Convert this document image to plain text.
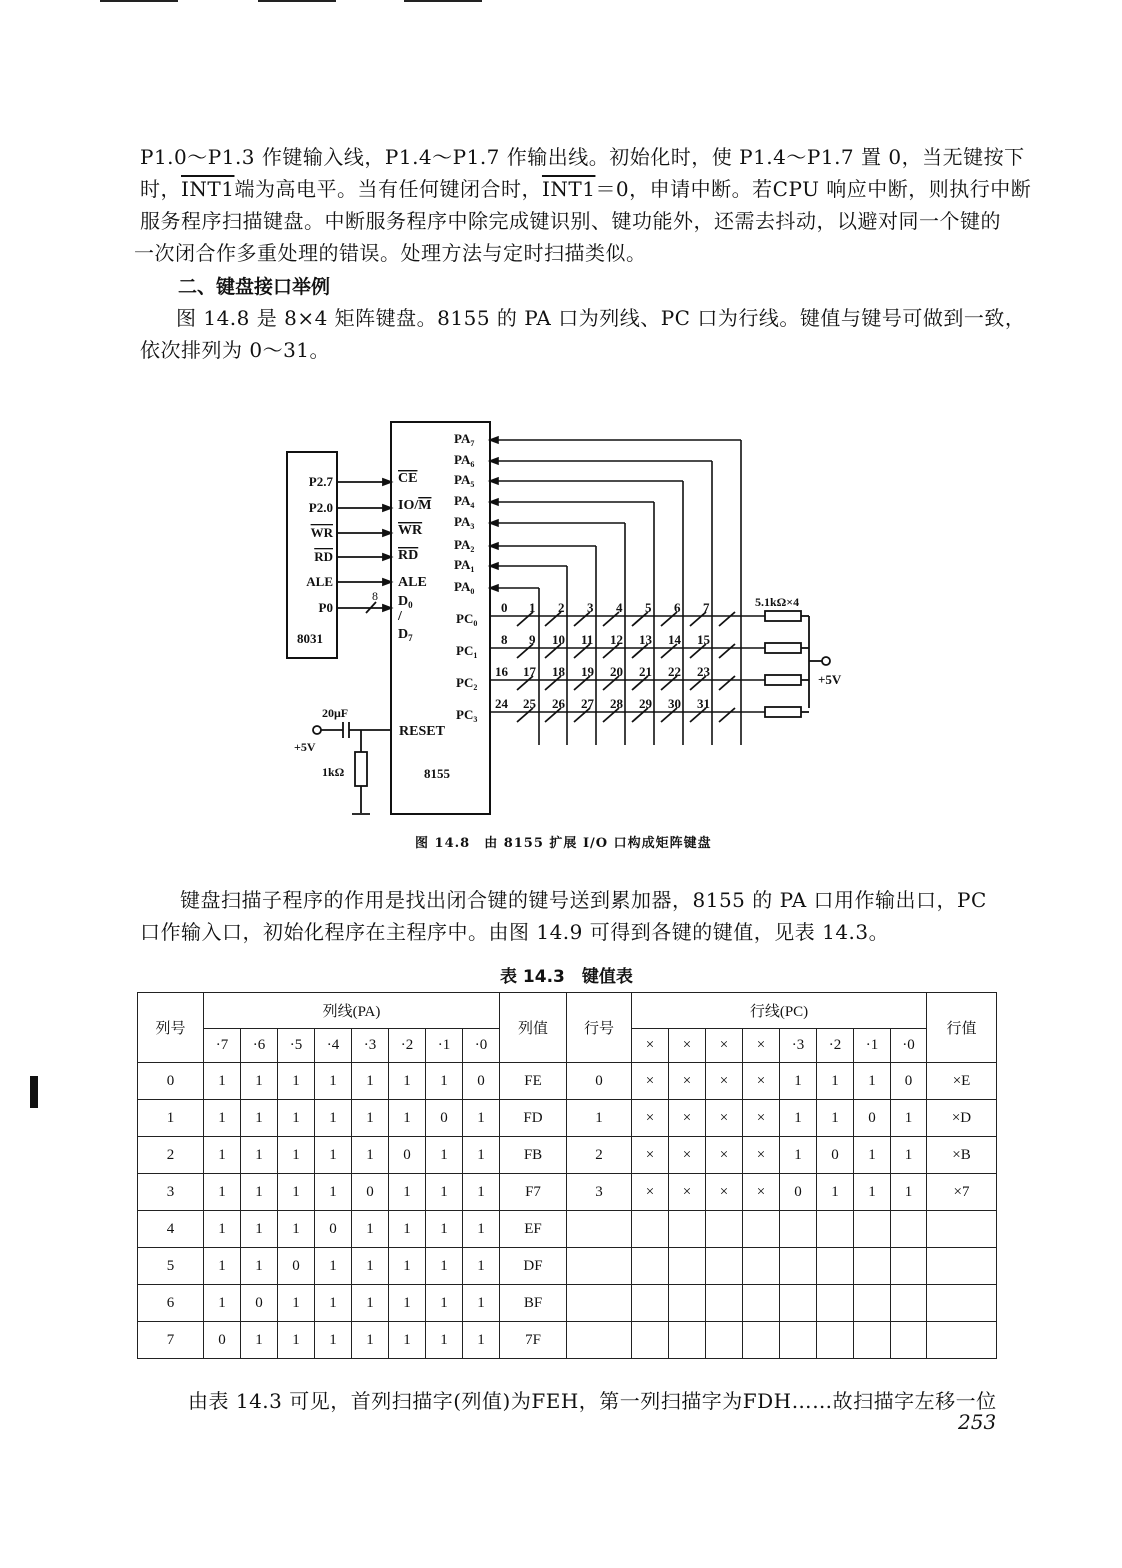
P1.0～P1.3 作键输入线，P1.4～P1.7 作输出线。初始化时，使 P1.4～P1.7 置 0，当无键按下
时，INT1端为高电平。当有任何键闭合时，INT1＝0，申请中断。若CPU 响应中断，则执行中断
服务程序扫描键盘。中断服务程序中除完成键识别、键功能外，还需去抖动，以避对同一个键的
一次闭合作多重处理的错误。处理方法与定时扫描类似。
二、键盘接口举例
图 14.8 是 8×4 矩阵键盘。8155 的 PA 口为列线、PC 口为行线。键值与键号可做到一致，
依次排列为 0～31。
8031
8155
P2.7
P2.0
WR
RD
ALE
P0
8
CE
IO/M
WR
RD
ALE
$D_0$
/
$D_7$
RESET
$PA_7$
$PA_6$
$PA_5$
$PA_4$
$PA_3$
$PA_2$
$PA_1$
$PA_0$
$PC_0$
$PC_1$
$PC_2$
$PC_3$
5.1kΩ×4
+5V
0 1 2 3 4 5 6 7
8 9 10 11 12 13 14 15
16 17 18 19 20 21 22 23
24 25 26 27 28 29 30 31
20μF
+5V
1kΩ
图 14.8　由 8155 扩展 I/O 口构成矩阵键盘
键盘扫描子程序的作用是找出闭合键的键号送到累加器，8155 的 PA 口用作输出口，PC
口作输入口，初始化程序在主程序中。由图 14.9 可得到各键的键值，见表 14.3。
表 14.3　键值表
列号	列线(PA)								列值	行号	行线(PC)								行值
	·7	·6	·5	·4	·3	·2	·1	·0			×	×	×	×	·3	·2	·1	·0	
0	1	1	1	1	1	1	1	0	FE	0	×	×	×	×	1	1	1	0	×E
1	1	1	1	1	1	1	0	1	FD	1	×	×	×	×	1	1	0	1	×D
2	1	1	1	1	1	0	1	1	FB	2	×	×	×	×	1	0	1	1	×B
3	1	1	1	1	0	1	1	1	F7	3	×	×	×	×	0	1	1	1	×7
4	1	1	1	0	1	1	1	1	EF										
5	1	1	0	1	1	1	1	1	DF										
6	1	0	1	1	1	1	1	1	BF										
7	0	1	1	1	1	1	1	1	7F										
由表 14.3 可见，首列扫描字(列值)为FEH，第一列扫描字为FDH……故扫描字左移一位
253
